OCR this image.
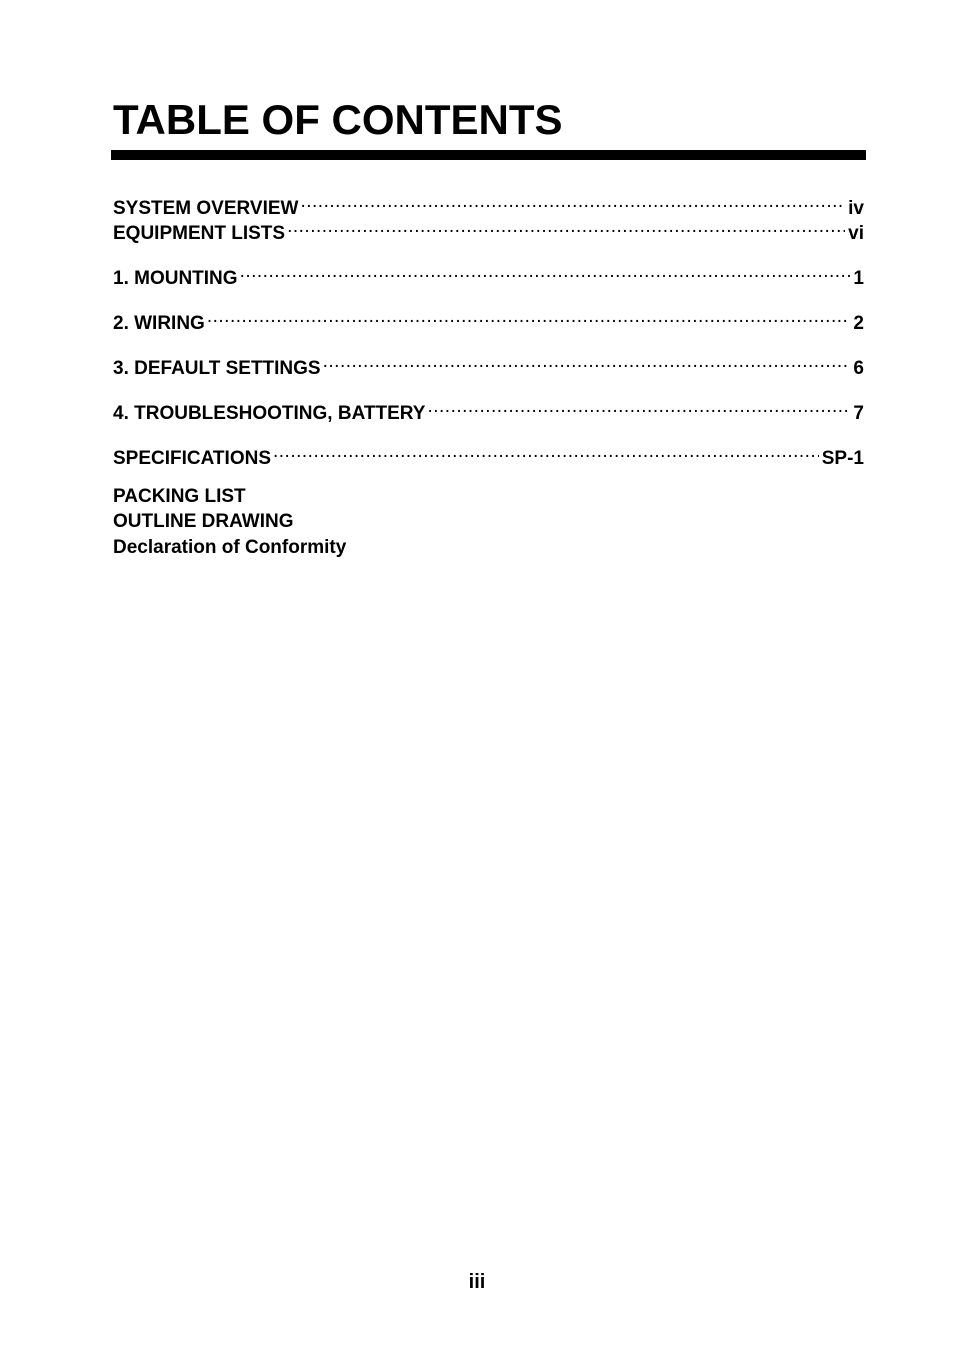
TABLE OF CONTENTS
SYSTEM OVERVIEW .....	iv
EQUIPMENT LISTS .....	vi
1. MOUNTING .....	1
2. WIRING .....	2
3. DEFAULT SETTINGS .....	6
4. TROUBLESHOOTING, BATTERY .....	7
SPECIFICATIONS .....	SP-1
PACKING LIST
OUTLINE DRAWING
Declaration of Conformity
iii
